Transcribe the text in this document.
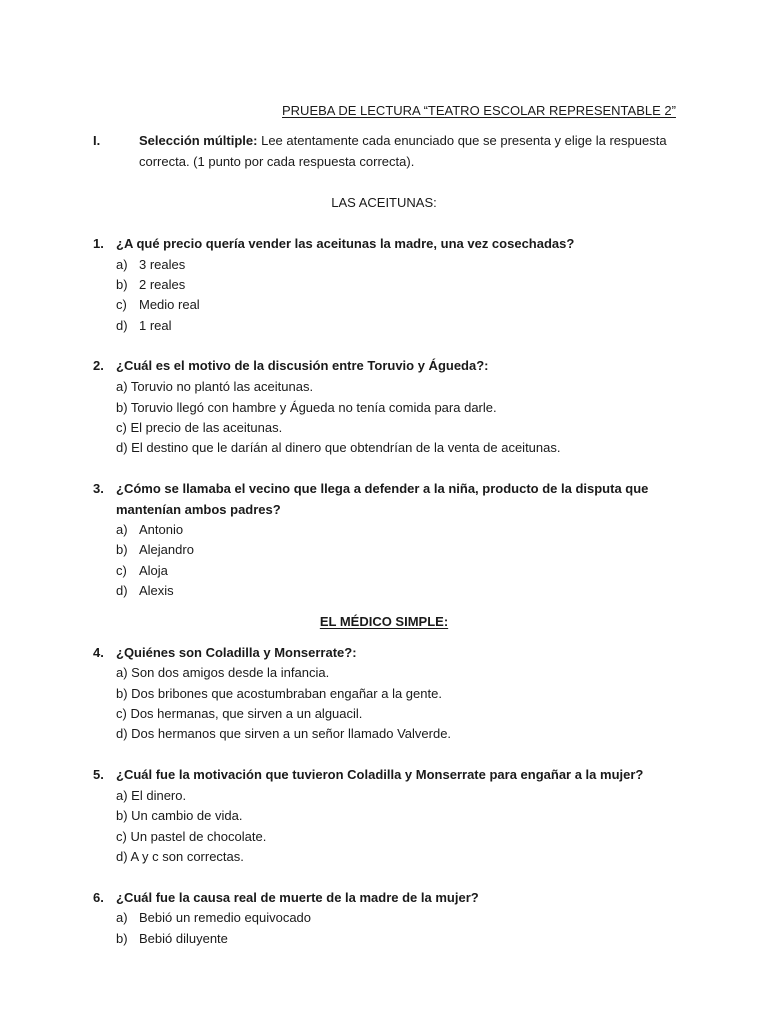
PRUEBA DE LECTURA “TEATRO ESCOLAR REPRESENTABLE 2”
I.	Selección múltiple: Lee atentamente cada enunciado que se presenta y elige la respuesta
correcta. (1 punto por cada respuesta correcta).
LAS ACEITUNAS:
1. ¿A qué precio quería vender las aceitunas la madre, una vez cosechadas?
a) 3 reales
b) 2 reales
c) Medio real
d) 1 real
2. ¿Cuál es el motivo de la discusión entre Toruvio y Águeda?:
a) Toruvio no plantó las aceitunas.
b) Toruvio llegó con hambre y Águeda no tenía comida para darle.
c) El precio de las aceitunas.
d) El destino que le daríán al dinero que obtendrían de la venta de aceitunas.
3. ¿Cómo se llamaba el vecino que llega a defender a la niña, producto de la disputa que
mantenían ambos padres?
a) Antonio
b) Alejandro
c) Aloja
d) Alexis
EL MÉDICO SIMPLE:
4. ¿Quiénes son Coladilla y Monserrate?:
a) Son dos amigos desde la infancia.
b) Dos bribones que acostumbraban engañar a la gente.
c) Dos hermanas, que sirven a un alguacil.
d) Dos hermanos que sirven a un señor llamado Valverde.
5. ¿Cuál fue la motivación que tuvieron Coladilla y Monserrate para engañar a la mujer?
a) El dinero.
b) Un cambio de vida.
c) Un pastel de chocolate.
d) A y c son correctas.
6. ¿Cuál fue la causa real de muerte de la madre de la mujer?
a) Bebió un remedio equivocado
b) Bebió diluyente
